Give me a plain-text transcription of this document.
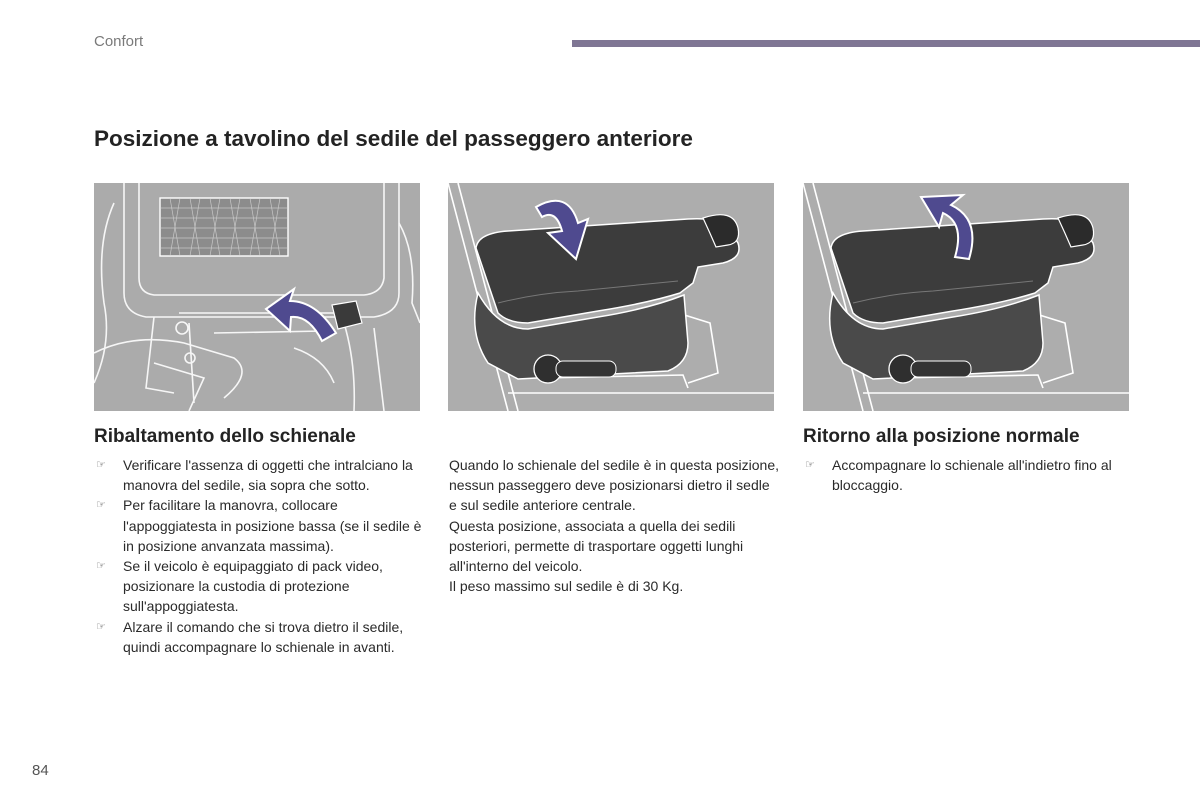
Confort
Posizione a tavolino del sedile del passeggero anteriore
Ribaltamento dello schienale
☞ Verificare l'assenza di oggetti che intralciano la manovra del sedile, sia sopra che sotto.
☞ Per facilitare la manovra, collocare l'appoggiatesta in posizione bassa (se il sedile è in posizione anvanzata massima).
☞ Se il veicolo è equipaggiato di pack video, posizionare la custodia di protezione sull'appoggiatesta.
☞ Alzare il comando che si trova dietro il sedile, quindi accompagnare lo schienale in avanti.
Quando lo schienale del sedile è in questa posizione, nessun passeggero deve posizionarsi dietro il sedle e sul sedile anteriore centrale.
Questa posizione, associata a quella dei sedili posteriori, permette di trasportare oggetti lunghi all'interno del veicolo.
Il peso massimo sul sedile è di 30 Kg.
Ritorno alla posizione normale
☞ Accompagnare lo schienale all'indietro fino al bloccaggio.
84
